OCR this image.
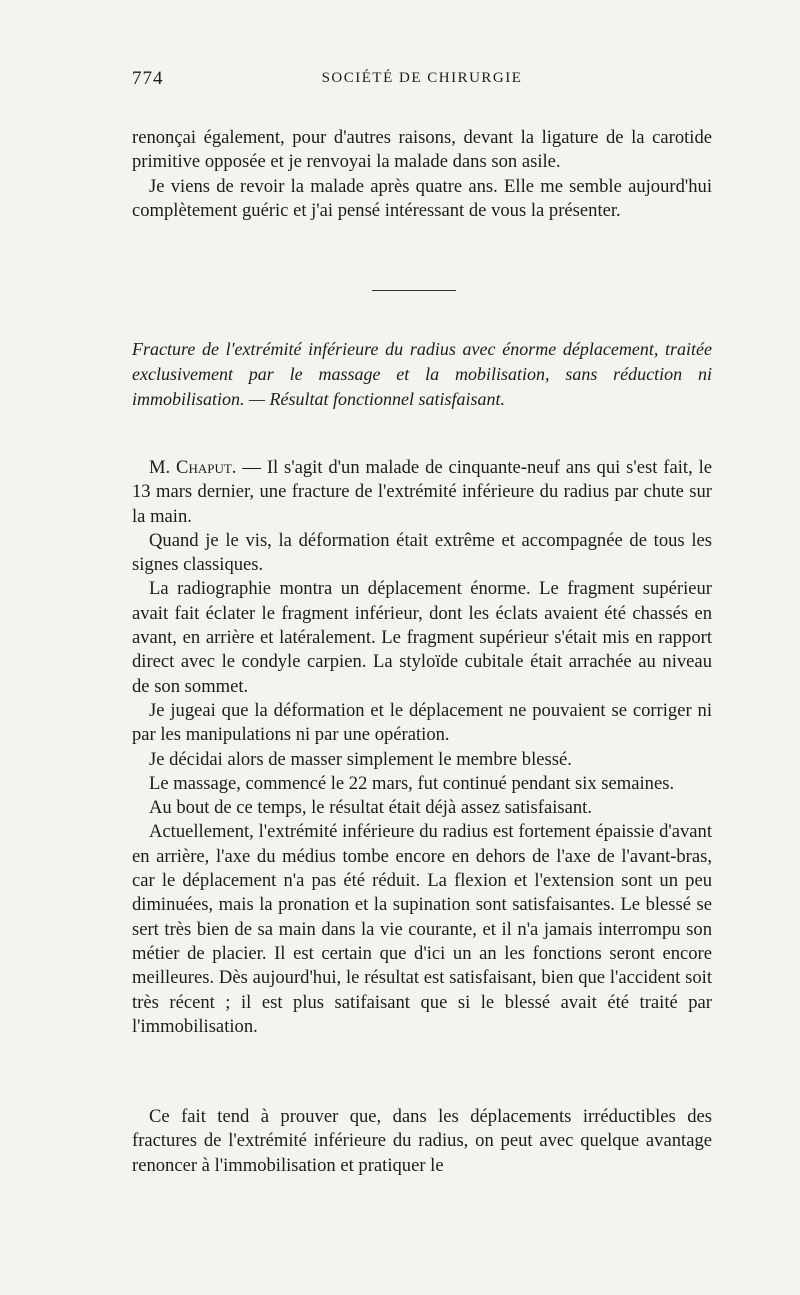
774	SOCIÉTÉ DE CHIRURGIE

renonçai également, pour d'autres raisons, devant la ligature de la carotide primitive opposée et je renvoyai la malade dans son asile.

Je viens de revoir la malade après quatre ans. Elle me semble aujourd'hui complètement guéric et j'ai pensé intéressant de vous la présenter.

Fracture de l'extrémité inférieure du radius avec énorme déplacement, traitée exclusivement par le massage et la mobilisation, sans réduction ni immobilisation. — Résultat fonctionnel satisfaisant.

M. Chaput. — Il s'agit d'un malade de cinquante-neuf ans qui s'est fait, le 13 mars dernier, une fracture de l'extrémité inférieure du radius par chute sur la main.

Quand je le vis, la déformation était extrême et accompagnée de tous les signes classiques.

La radiographie montra un déplacement énorme. Le fragment supérieur avait fait éclater le fragment inférieur, dont les éclats avaient été chassés en avant, en arrière et latéralement. Le fragment supérieur s'était mis en rapport direct avec le condyle carpien. La styloïde cubitale était arrachée au niveau de son sommet.

Je jugeai que la déformation et le déplacement ne pouvaient se corriger ni par les manipulations ni par une opération.

Je décidai alors de masser simplement le membre blessé.

Le massage, commencé le 22 mars, fut continué pendant six semaines.

Au bout de ce temps, le résultat était déjà assez satisfaisant.

Actuellement, l'extrémité inférieure du radius est fortement épaissie d'avant en arrière, l'axe du médius tombe encore en dehors de l'axe de l'avant-bras, car le déplacement n'a pas été réduit. La flexion et l'extension sont un peu diminuées, mais la pronation et la supination sont satisfaisantes. Le blessé se sert très bien de sa main dans la vie courante, et il n'a jamais interrompu son métier de placier. Il est certain que d'ici un an les fonctions seront encore meilleures. Dès aujourd'hui, le résultat est satisfaisant, bien que l'accident soit très récent ; il est plus satifaisant que si le blessé avait été traité par l'immobilisation.

Ce fait tend à prouver que, dans les déplacements irréductibles des fractures de l'extrémité inférieure du radius, on peut avec quelque avantage renoncer à l'immobilisation et pratiquer le
